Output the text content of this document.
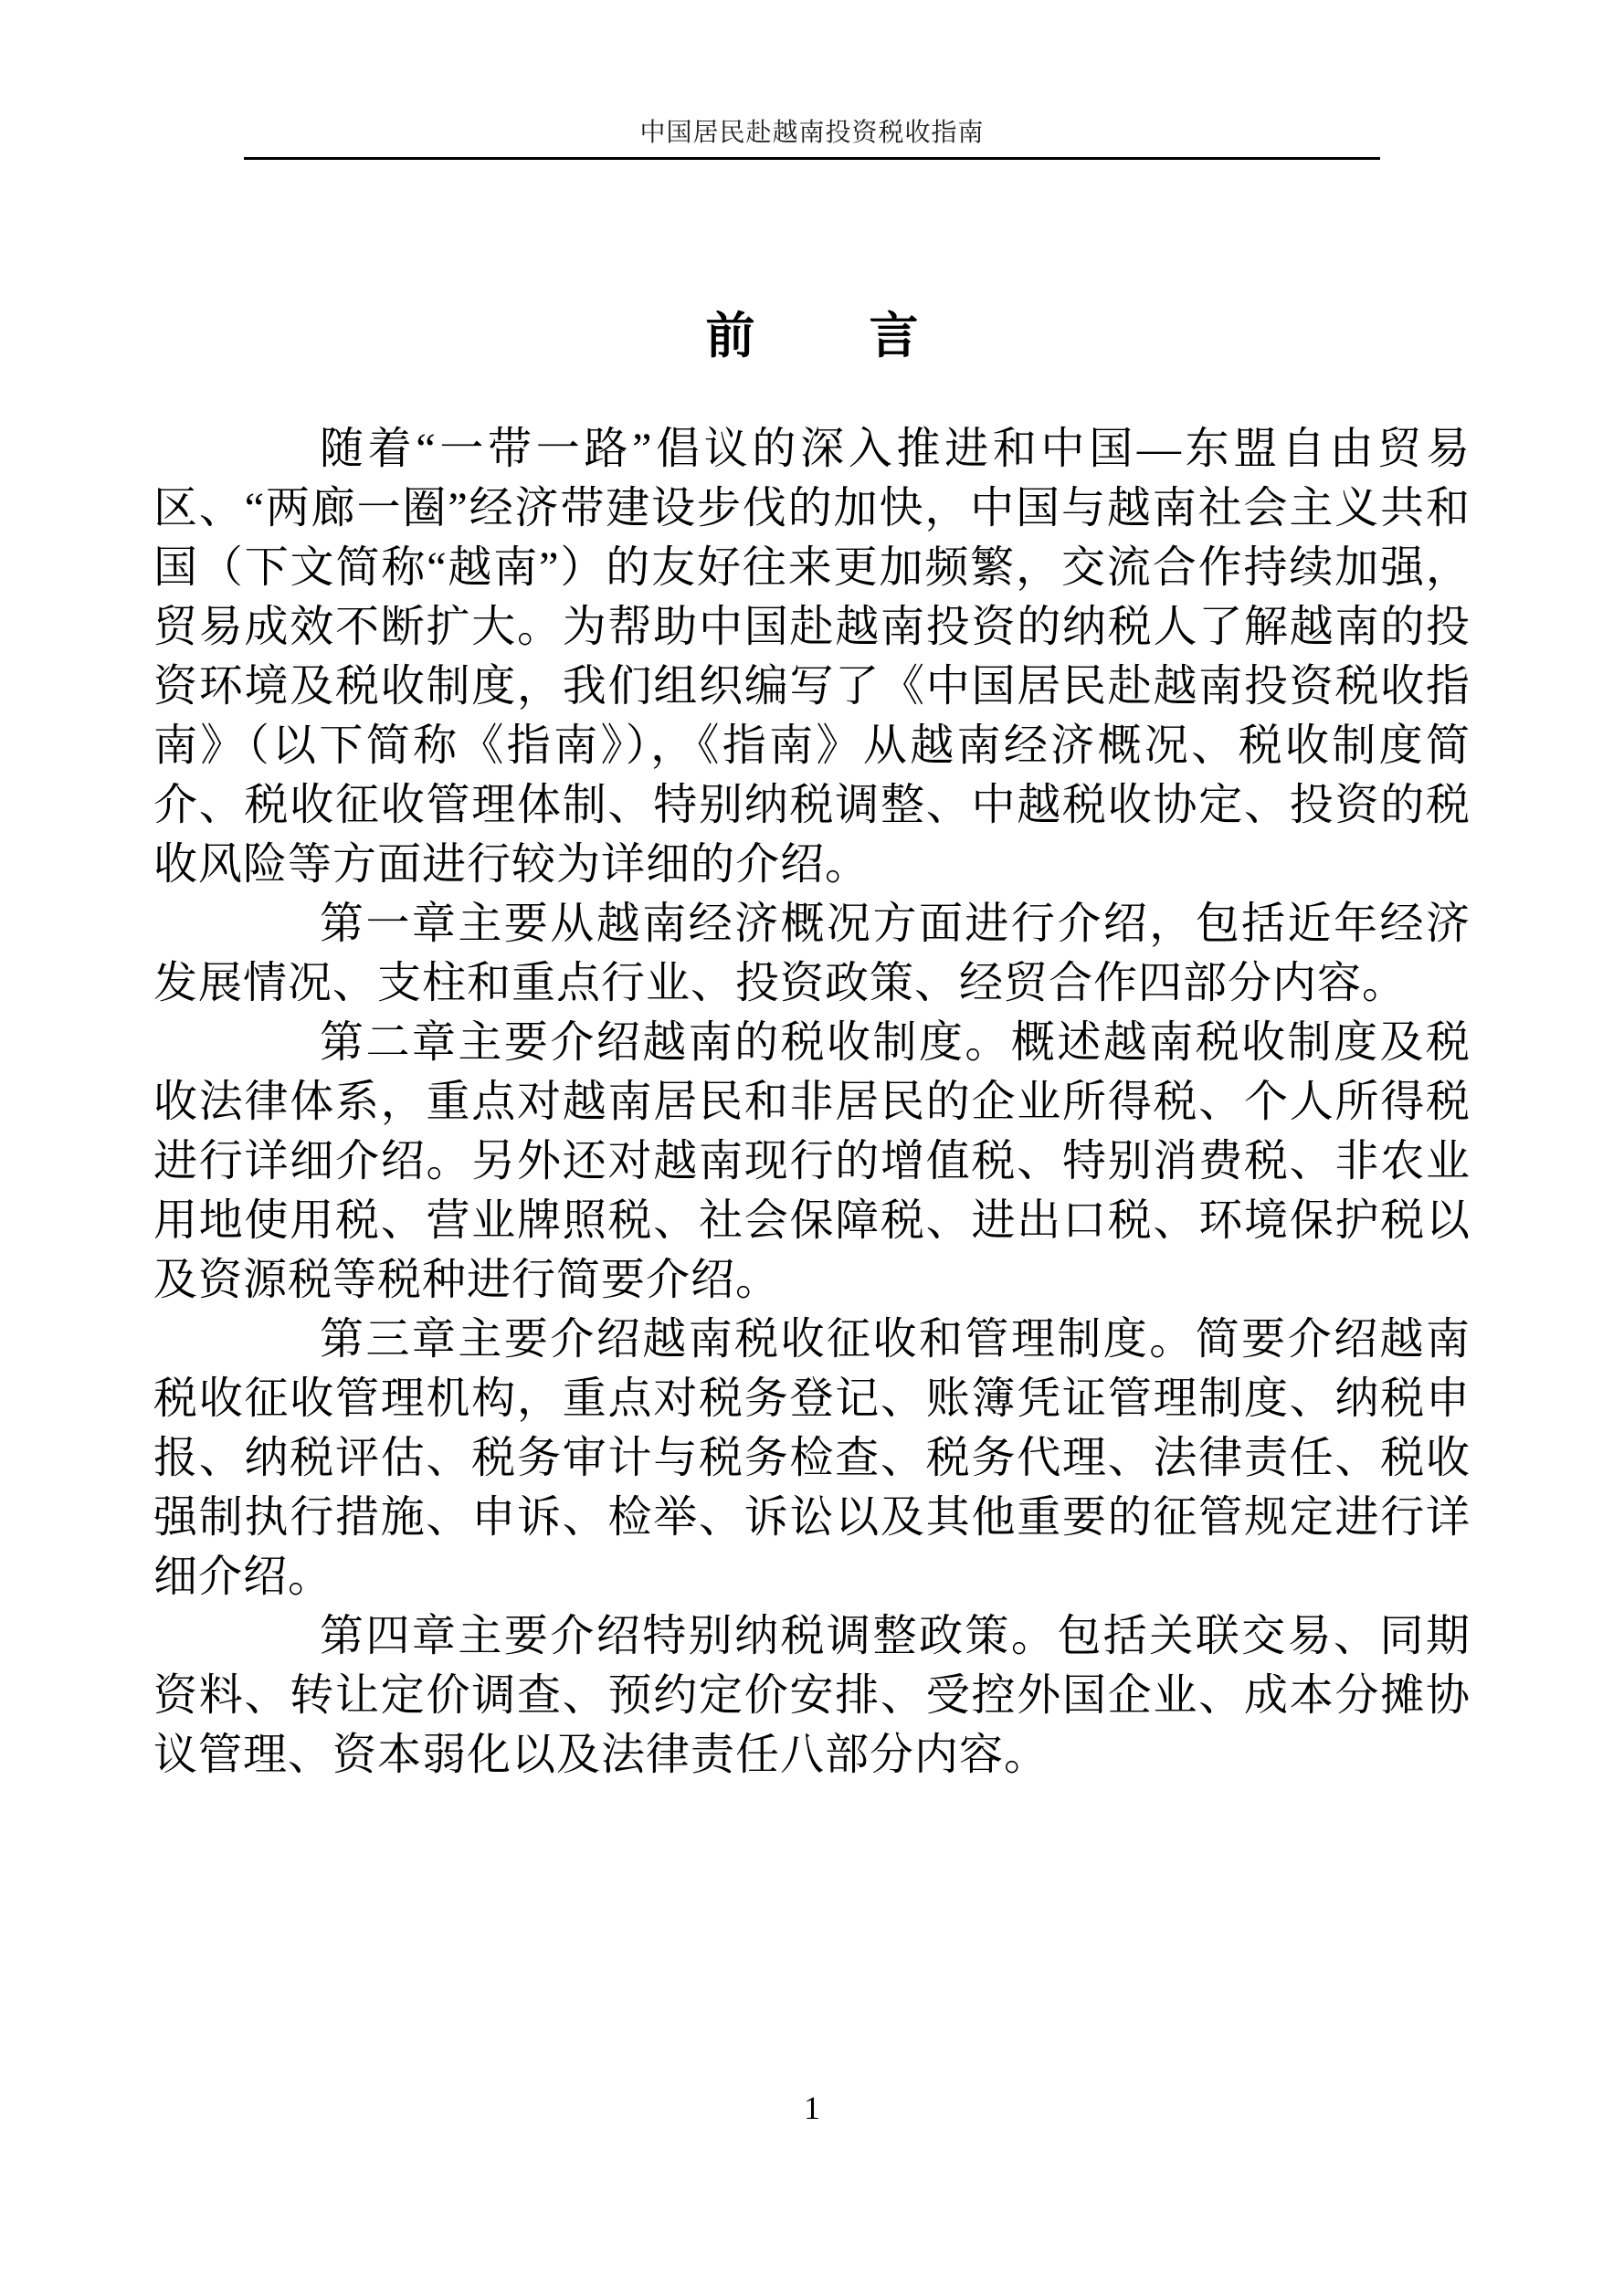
中国居民赴越南投资税收指南
前 言

随着“一带一路”倡议的深入推进和中国—东盟自由贸易区、“两廊一圈”经济带建设步伐的加快，中国与越南社会主义共和国（下文简称“越南”）的友好往来更加频繁，交流合作持续加强，贸易成效不断扩大。为帮助中国赴越南投资的纳税人了解越南的投资环境及税收制度，我们组织编写了《中国居民赴越南投资税收指南》（以下简称《指南》），《指南》从越南经济概况、税收制度简介、税收征收管理体制、特别纳税调整、中越税收协定、投资的税收风险等方面进行较为详细的介绍。

第一章主要从越南经济概况方面进行介绍，包括近年经济发展情况、支柱和重点行业、投资政策、经贸合作四部分内容。

第二章主要介绍越南的税收制度。概述越南税收制度及税收法律体系，重点对越南居民和非居民的企业所得税、个人所得税进行详细介绍。另外还对越南现行的增值税、特别消费税、非农业用地使用税、营业牌照税、社会保障税、进出口税、环境保护税以及资源税等税种进行简要介绍。

第三章主要介绍越南税收征收和管理制度。简要介绍越南税收征收管理机构，重点对税务登记、账簿凭证管理制度、纳税申报、纳税评估、税务审计与税务检查、税务代理、法律责任、税收强制执行措施、申诉、检举、诉讼以及其他重要的征管规定进行详细介绍。

第四章主要介绍特别纳税调整政策。包括关联交易、同期资料、转让定价调查、预约定价安排、受控外国企业、成本分摊协议管理、资本弱化以及法律责任八部分内容。

1
